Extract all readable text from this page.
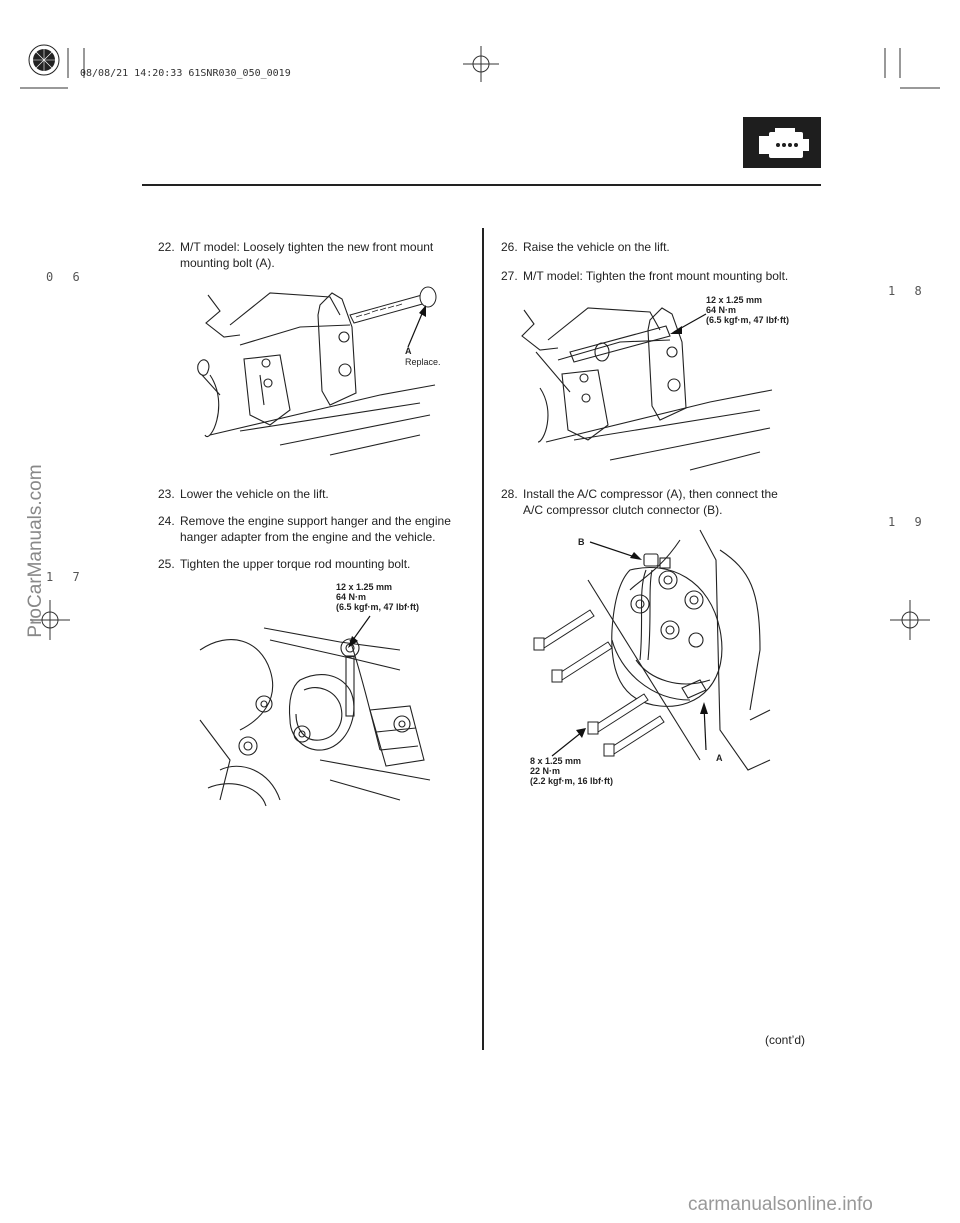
08/08/21 14:20:33 61SNR030_050_0019
0 6
1 7
1 8
1 9
ProCarManuals.com
22. M/T model: Loosely tighten the new front mount
mounting bolt (A).
A
Replace.
23. Lower the vehicle on the lift.
24. Remove the engine support hanger and the engine
hanger adapter from the engine and the vehicle.
25. Tighten the upper torque rod mounting bolt.
12 x 1.25 mm
64 N·m
(6.5 kgf·m, 47 lbf·ft)
26. Raise the vehicle on the lift.
27. M/T model: Tighten the front mount mounting bolt.
12 x 1.25 mm
64 N·m
(6.5 kgf·m, 47 lbf·ft)
28. Install the A/C compressor (A), then connect the
A/C compressor clutch connector (B).
B
A
8 x 1.25 mm
22 N·m
(2.2 kgf·m, 16 lbf·ft)
(cont’d)
carmanualsonline.info
